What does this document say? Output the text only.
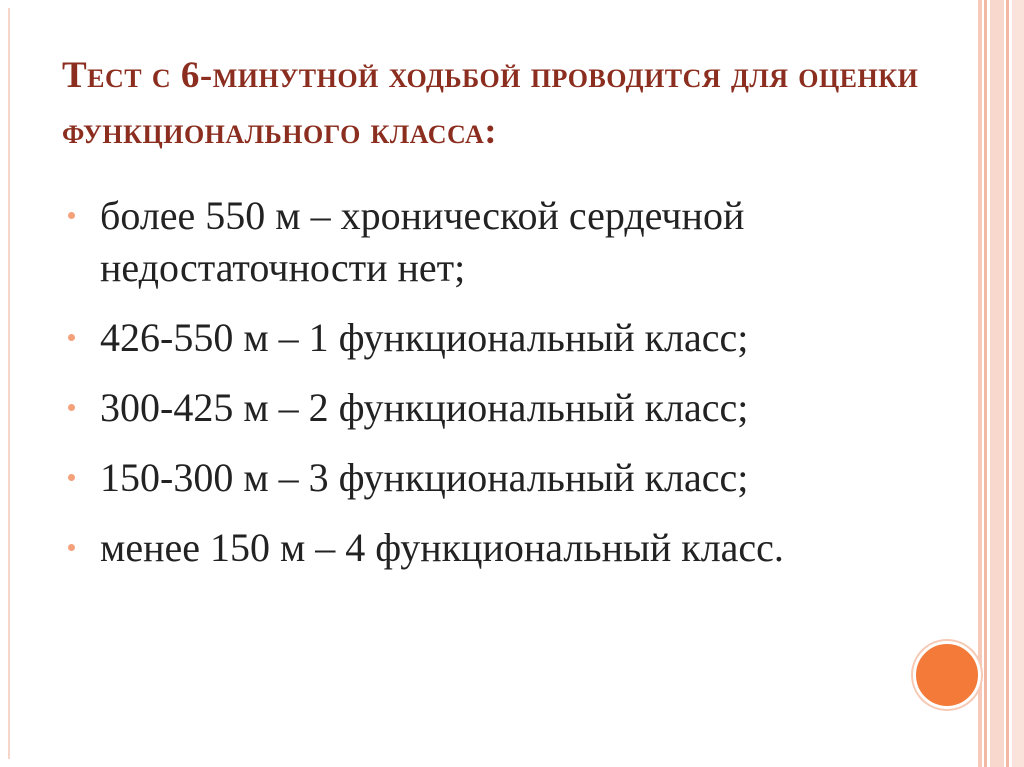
Тест с 6-минутной ходьбой проводится для оценки функционального класса:
более 550 м – хронической сердечной недостаточности нет;
426-550 м – 1 функциональный класс;
300-425 м – 2 функциональный класс;
150-300 м – 3 функциональный класс;
менее 150 м – 4 функциональный класс.
